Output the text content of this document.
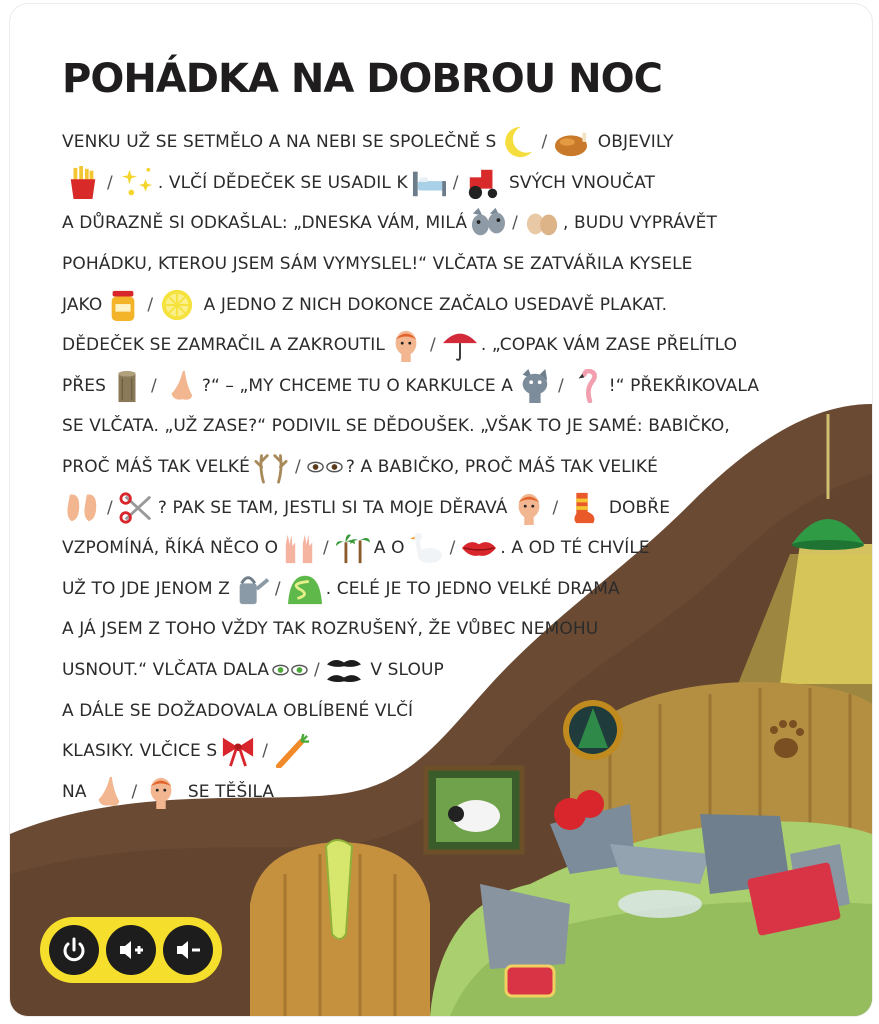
POHÁDKA NA DOBROU NOC
VENKU UŽ SE SETMĚLO A NA NEBI SE SPOLEČNĚ S	/	OBJEVILY
/	. VLČÍ DĚDEČEK SE USADIL K	/	SVÝCH VNOUČAT
A DŮRAZNĚ SI ODKAŠLAL: „DNESKA VÁM, MILÁ	/	, BUDU VYPRÁVĚT
POHÁDKU, KTEROU JSEM SÁM VYMYSLEL!“ VLČATA SE ZATVÁŘILA KYSELE
JAKO	/	A JEDNO Z NICH DOKONCE ZAČALO USEDAVĚ PLAKAT.
DĚDEČEK SE ZAMRAČIL A ZAKROUTIL	/	. „COPAK VÁM ZASE PŘELÍTLO
PŘES	/	?“ – „MY CHCEME TU O KARKULCE A	/	!“ PŘEKŘIKOVALA
SE VLČATA. „UŽ ZASE?“ PODIVIL SE DĚDOUŠEK. „VŠAK TO JE SAMÉ: BABIČKO,
PROČ MÁŠ TAK VELKÉ	/	? A BABIČKO, PROČ MÁŠ TAK VELIKÉ
/	? PAK SE TAM, JESTLI SI TA MOJE DĚRAVÁ	/	DOBŘE
VZPOMÍNÁ, ŘÍKÁ NĚCO O	/	A O	/	. A OD TÉ CHVÍLE
UŽ TO JDE JENOM Z	/	. CELÉ JE TO JEDNO VELKÉ DRAMA
A JÁ JSEM Z TOHO VŽDY TAK ROZRUŠENÝ, ŽE VŮBEC NEMOHU
USNOUT.“ VLČATA DALA	/	V SLOUP
A DÁLE SE DOŽADOVALA OBLÍBENÉ VLČÍ
KLASIKY. VLČICE S	/
NA	/	SE TĚŠILA
